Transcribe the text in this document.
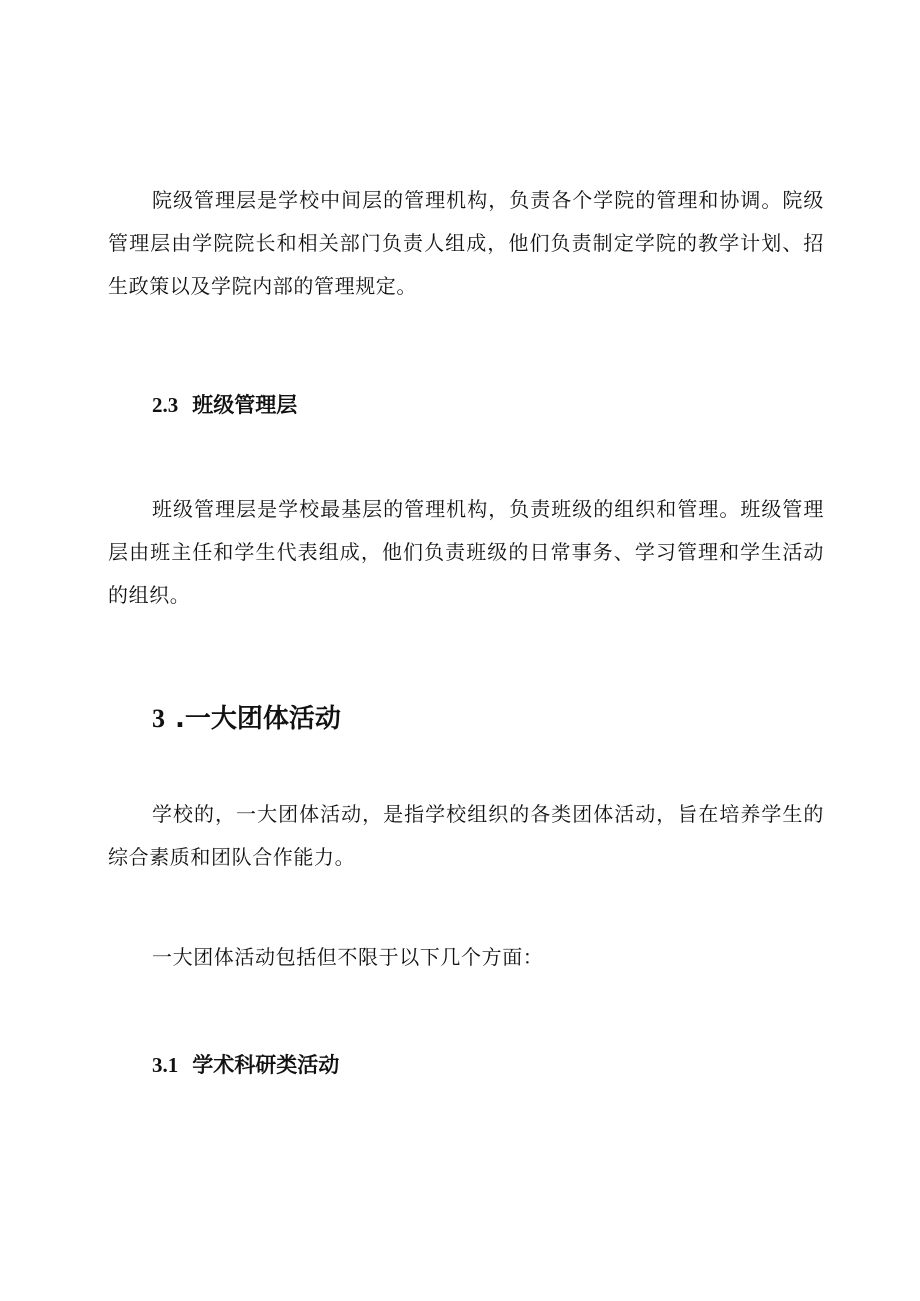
院级管理层是学校中间层的管理机构，负责各个学院的管理和协调。院级管理层由学院院长和相关部门负责人组成，他们负责制定学院的教学计划、招生政策以及学院内部的管理规定。

2.3 班级管理层

班级管理层是学校最基层的管理机构，负责班级的组织和管理。班级管理层由班主任和学生代表组成，他们负责班级的日常事务、学习管理和学生活动的组织。

3 .一大团体活动

学校的，一大团体活动，是指学校组织的各类团体活动，旨在培养学生的综合素质和团队合作能力。

一大团体活动包括但不限于以下几个方面：

3.1 学术科研类活动
